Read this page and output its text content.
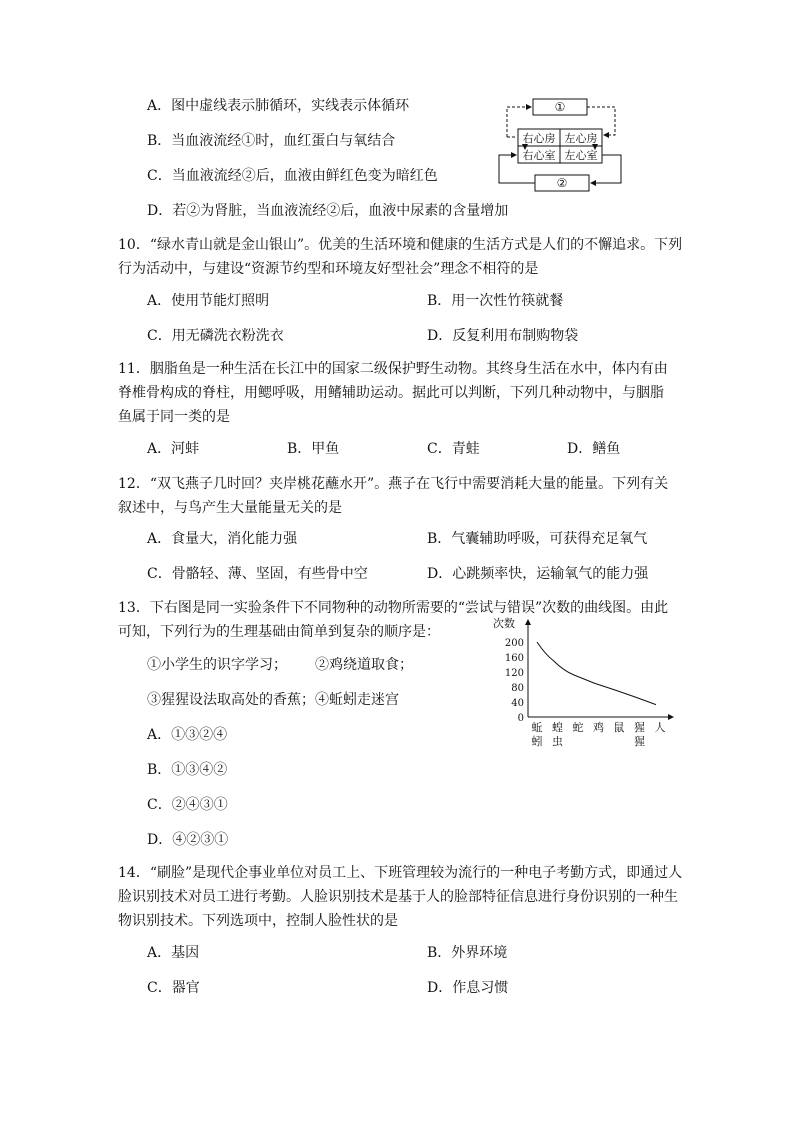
A．图中虚线表示肺循环，实线表示体循环
B．当血液流经①时，血红蛋白与氧结合
C．当血液流经②后，血液由鲜红色变为暗红色
D．若②为肾脏，当血液流经②后，血液中尿素的含量增加
①
右心房 左心房
右心室 左心室
②

10．“绿水青山就是金山银山”。优美的生活环境和健康的生活方式是人们的不懈追求。下列

行为活动中，与建设“资源节约型和环境友好型社会”理念不相符的是

A．使用节能灯照明	B．用一次性竹筷就餐
C．用无磷洗衣粉洗衣	D．反复利用布制购物袋

11．胭脂鱼是一种生活在长江中的国家二级保护野生动物。其终身生活在水中，体内有由

脊椎骨构成的脊柱，用鳃呼吸，用鳍辅助运动。据此可以判断，下列几种动物中，与胭脂

鱼属于同一类的是

A．河蚌	B．甲鱼	C．青蛙	D．鳝鱼

12．“双飞燕子几时回？夹岸桃花蘸水开”。燕子在飞行中需要消耗大量的能量。下列有关

叙述中，与鸟产生大量能量无关的是

A．食量大，消化能力强	B．气囊辅助呼吸，可获得充足氧气
C．骨骼轻、薄、坚固，有些骨中空	D．心跳频率快，运输氧气的能力强

13．下右图是同一实验条件下不同物种的动物所需要的“尝试与错误”次数的曲线图。由此

可知，下列行为的生理基础由简单到复杂的顺序是：

①小学生的识字学习； ②鸡绕道取食；
③猩猩设法取高处的香蕉；④蚯蚓走迷宫
A．①③②④
B．①③④②
C．②④③①
D．④②③①
次数
0
40
80
120
160
200
蚯蚓
蝗虫
蛇 鸡 鼠 猩猩
人

14．“刷脸”是现代企事业单位对员工上、下班管理较为流行的一种电子考勤方式，即通过人

脸识别技术对员工进行考勤。人脸识别技术是基于人的脸部特征信息进行身份识别的一种生

物识别技术。下列选项中，控制人脸性状的是

A．基因	B．外界环境
C．器官	D．作息习惯
